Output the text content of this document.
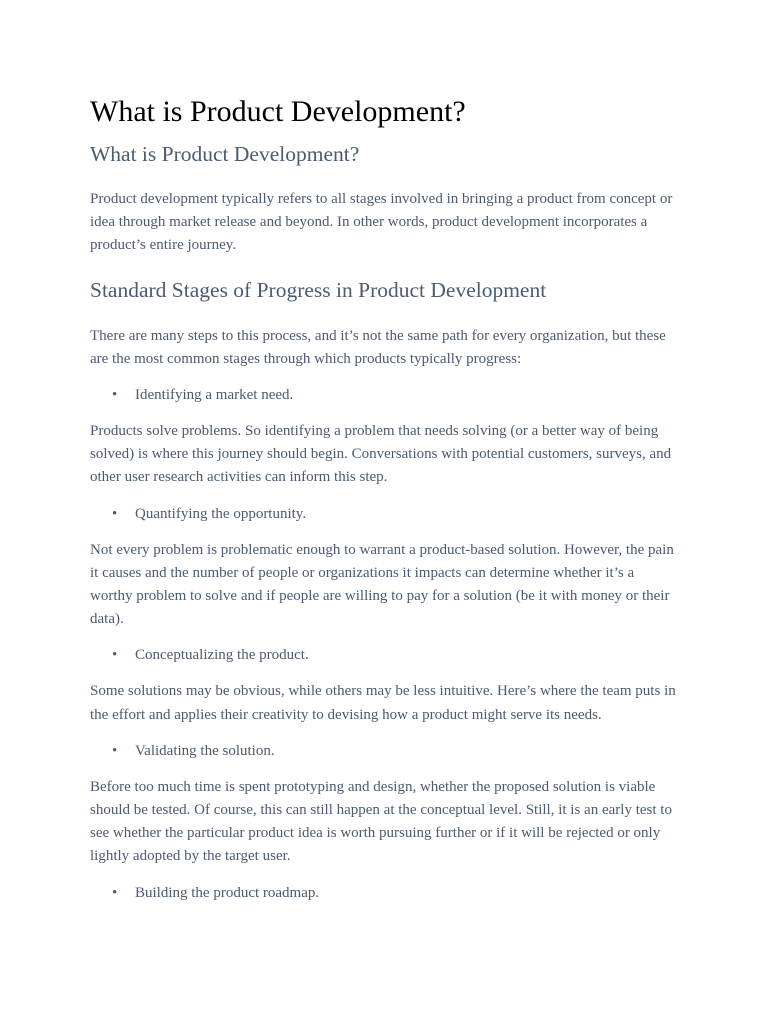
What is Product Development?
What is Product Development?

Product development typically refers to all stages involved in bringing a product from concept or idea through market release and beyond. In other words, product development incorporates a product’s entire journey.

Standard Stages of Progress in Product Development

There are many steps to this process, and it’s not the same path for every organization, but these are the most common stages through which products typically progress:

• Identifying a market need.

Products solve problems. So identifying a problem that needs solving (or a better way of being solved) is where this journey should begin. Conversations with potential customers, surveys, and other user research activities can inform this step.

• Quantifying the opportunity.

Not every problem is problematic enough to warrant a product-based solution. However, the pain it causes and the number of people or organizations it impacts can determine whether it’s a worthy problem to solve and if people are willing to pay for a solution (be it with money or their data).

• Conceptualizing the product.

Some solutions may be obvious, while others may be less intuitive. Here’s where the team puts in the effort and applies their creativity to devising how a product might serve its needs.

• Validating the solution.

Before too much time is spent prototyping and design, whether the proposed solution is viable should be tested. Of course, this can still happen at the conceptual level. Still, it is an early test to see whether the particular product idea is worth pursuing further or if it will be rejected or only lightly adopted by the target user.

• Building the product roadmap.
